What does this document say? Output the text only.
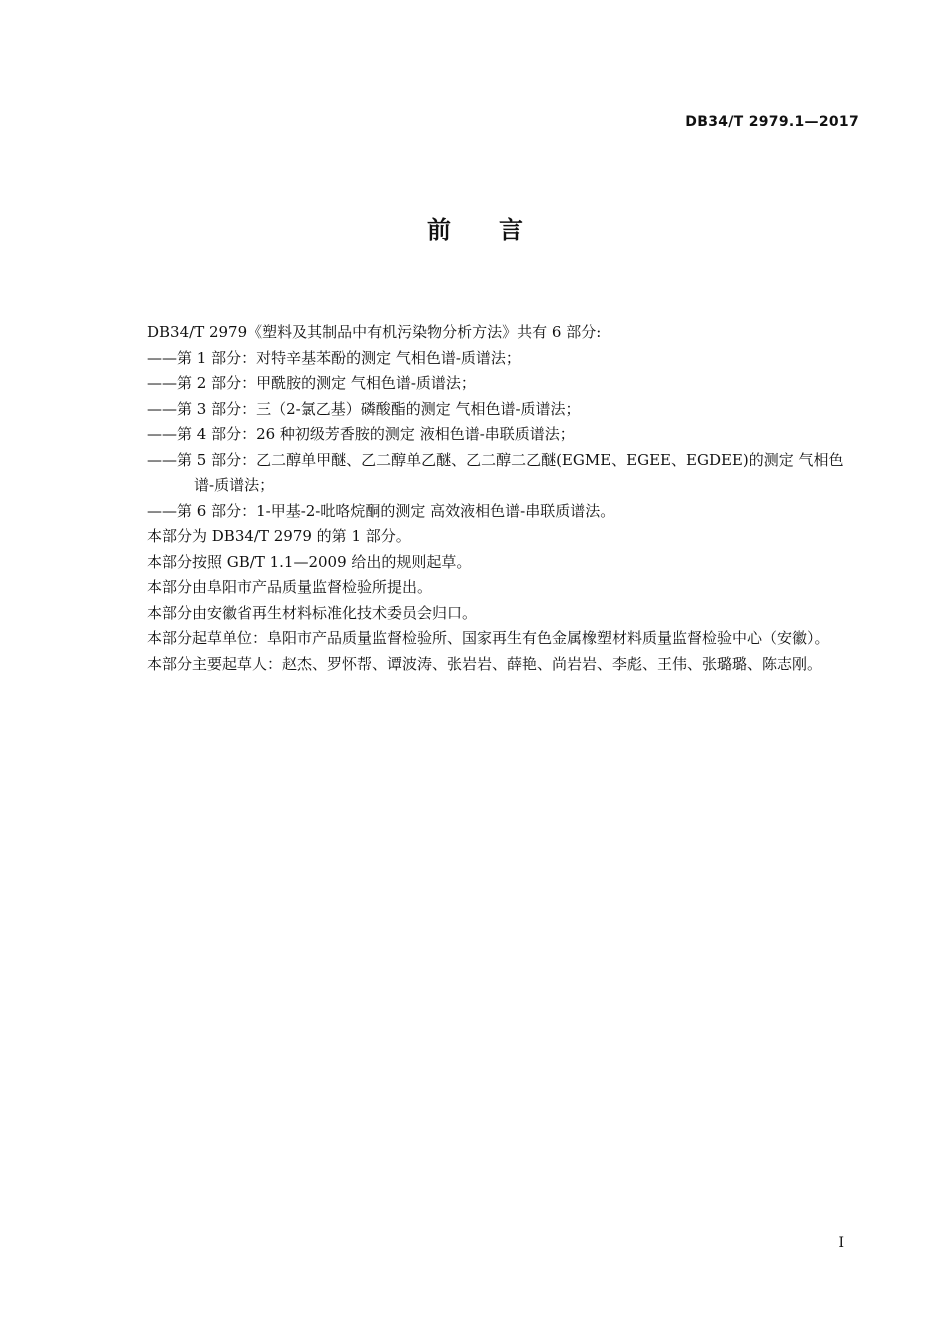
DB34/T 2979.1—2017
前言

DB34/T 2979《塑料及其制品中有机污染物分析方法》共有 6 部分:

——第 1 部分：对特辛基苯酚的测定 气相色谱-质谱法；

——第 2 部分：甲酰胺的测定 气相色谱-质谱法；

——第 3 部分：三（2-氯乙基）磷酸酯的测定 气相色谱-质谱法；

——第 4 部分：26 种初级芳香胺的测定 液相色谱-串联质谱法；

——第 5 部分：乙二醇单甲醚、乙二醇单乙醚、乙二醇二乙醚(EGME、EGEE、EGDEE)的测定 气相色谱-质谱法；

——第 6 部分：1-甲基-2-吡咯烷酮的测定 高效液相色谱-串联质谱法。

本部分为 DB34/T 2979 的第 1 部分。

本部分按照 GB/T 1.1—2009 给出的规则起草。

本部分由阜阳市产品质量监督检验所提出。

本部分由安徽省再生材料标准化技术委员会归口。

本部分起草单位：阜阳市产品质量监督检验所、国家再生有色金属橡塑材料质量监督检验中心（安徽）。

本部分主要起草人：赵杰、罗怀帮、谭波涛、张岩岩、薛艳、尚岩岩、李彪、王伟、张璐璐、陈志刚。

I
